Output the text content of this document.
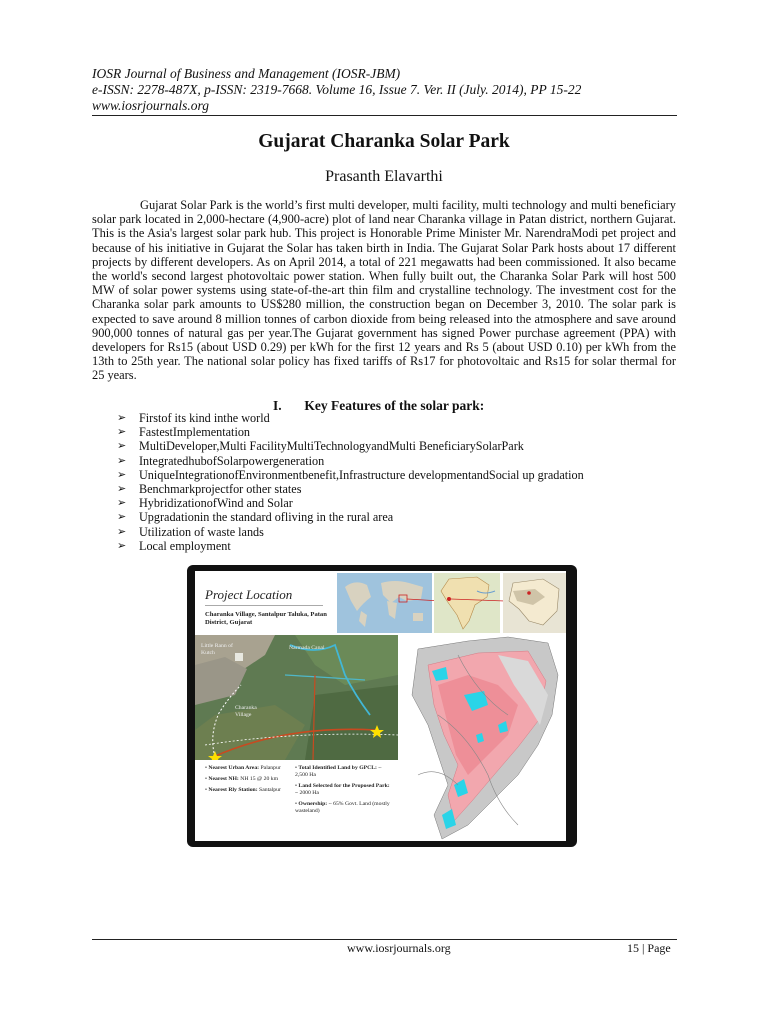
IOSR Journal of Business and Management (IOSR-JBM)
e-ISSN: 2278-487X, p-ISSN: 2319-7668. Volume 16, Issue 7. Ver. II (July. 2014), PP 15-22
www.iosrjournals.org
Gujarat Charanka Solar Park
Prasanth Elavarthi

Gujarat Solar Park is the world’s first multi developer, multi facility, multi technology and multi beneficiary solar park located in 2,000-hectare (4,900-acre) plot of land near Charanka village in Patan district, northern Gujarat. This is the Asia's largest solar park hub. This project is Honorable Prime Minister Mr. NarendraModi pet project and because of his initiative in Gujarat the Solar has taken birth in India. The Gujarat Solar Park hosts about 17 different projects by different developers. As on April 2014, a total of 221 megawatts had been commissioned. It also became the world's second largest photovoltaic power station. When fully built out, the Charanka Solar Park will host 500 MW of solar power systems using state-of-the-art thin film and crystalline technology. The investment cost for the Charanka solar park amounts to US$280 million, the construction began on December 3, 2010. The solar park is expected to save around 8 million tonnes of carbon dioxide from being released into the atmosphere and save around 900,000 tonnes of natural gas per year.The Gujarat government has signed Power purchase agreement (PPA) with developers for Rs15 (about USD 0.29) per kWh for the first 12 years and Rs 5 (about USD 0.10) per kWh from the 13th to 25th year. The national solar policy has fixed tariffs of Rs17 for photovoltaic and Rs15 for solar thermal for 25 years.

I. Key Features of the solar park:
➢ Firstof its kind inthe world
➢ FastestImplementation
➢ MultiDeveloper,Multi FacilityMultiTechnologyandMulti BeneficiarySolarPark
➢ IntegratedhubofSolarpowergeneration
➢ UniqueIntegrationofEnvironmentbenefit,Infrastructure developmentandSocial up gradation
➢ Benchmarkprojectfor other states
➢ HybridizationofWind and Solar
➢ Upgradationin the standard ofliving in the rural area
➢ Utilization of waste lands
➢ Local employment
Project Location
Charanka Village, Santalpur Taluka, Patan District, Gujarat
Little Rann of Kutch
Narmada Canal
Charanka Village
• Nearest Urban Area: Palanpur
• Nearest NH: NH 15 @ 20 km
• Nearest Rly Station: Santalpur
• Total Identified Land by GPCL: ~ 2,500 Ha
• Land Selected for the Proposed Park: ~ 2000 Ha
• Ownership: ~ 65% Govt. Land (mostly wasteland)
www.iosrjournals.org	15 | Page
